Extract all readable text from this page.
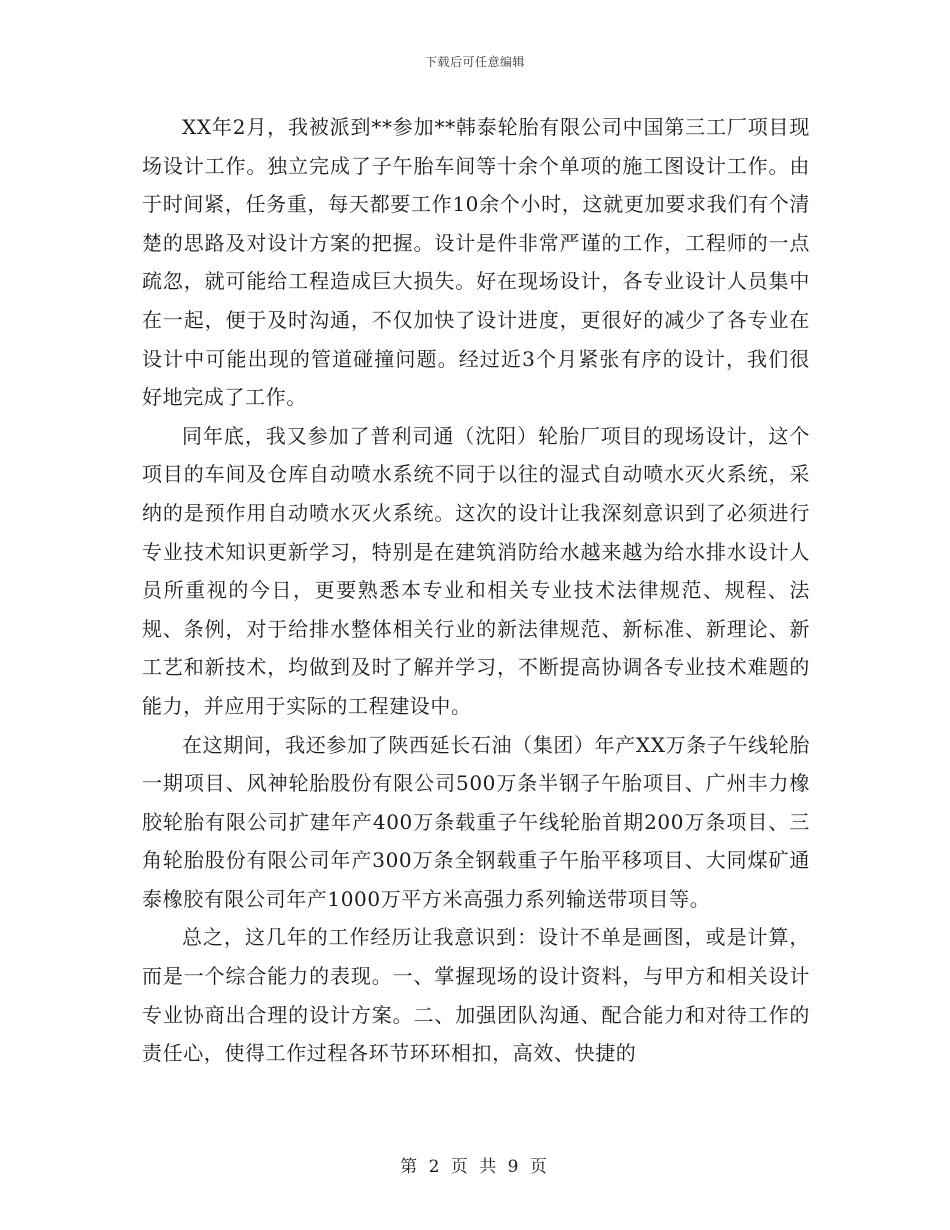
下载后可任意编辑

XX年2月，我被派到**参加**韩泰轮胎有限公司中国第三工厂项目现场设计工作。独立完成了子午胎车间等十余个单项的施工图设计工作。由于时间紧，任务重，每天都要工作10余个小时，这就更加要求我们有个清楚的思路及对设计方案的把握。设计是件非常严谨的工作，工程师的一点疏忽，就可能给工程造成巨大损失。好在现场设计，各专业设计人员集中在一起，便于及时沟通，不仅加快了设计进度，更很好的减少了各专业在设计中可能出现的管道碰撞问题。经过近3个月紧张有序的设计，我们很好地完成了工作。

同年底，我又参加了普利司通（沈阳）轮胎厂项目的现场设计，这个项目的车间及仓库自动喷水系统不同于以往的湿式自动喷水灭火系统，采纳的是预作用自动喷水灭火系统。这次的设计让我深刻意识到了必须进行专业技术知识更新学习，特别是在建筑消防给水越来越为给水排水设计人员所重视的今日，更要熟悉本专业和相关专业技术法律规范、规程、法规、条例，对于给排水整体相关行业的新法律规范、新标准、新理论、新工艺和新技术，均做到及时了解并学习，不断提高协调各专业技术难题的能力，并应用于实际的工程建设中。

在这期间，我还参加了陕西延长石油（集团）年产XX万条子午线轮胎一期项目、风神轮胎股份有限公司500万条半钢子午胎项目、广州丰力橡胶轮胎有限公司扩建年产400万条载重子午线轮胎首期200万条项目、三角轮胎股份有限公司年产300万条全钢载重子午胎平移项目、大同煤矿通泰橡胶有限公司年产1000万平方米高强力系列输送带项目等。

总之，这几年的工作经历让我意识到：设计不单是画图，或是计算，而是一个综合能力的表现。一、掌握现场的设计资料，与甲方和相关设计专业协商出合理的设计方案。二、加强团队沟通、配合能力和对待工作的责任心，使得工作过程各环节环环相扣，高效、快捷的

第 2 页 共 9 页
